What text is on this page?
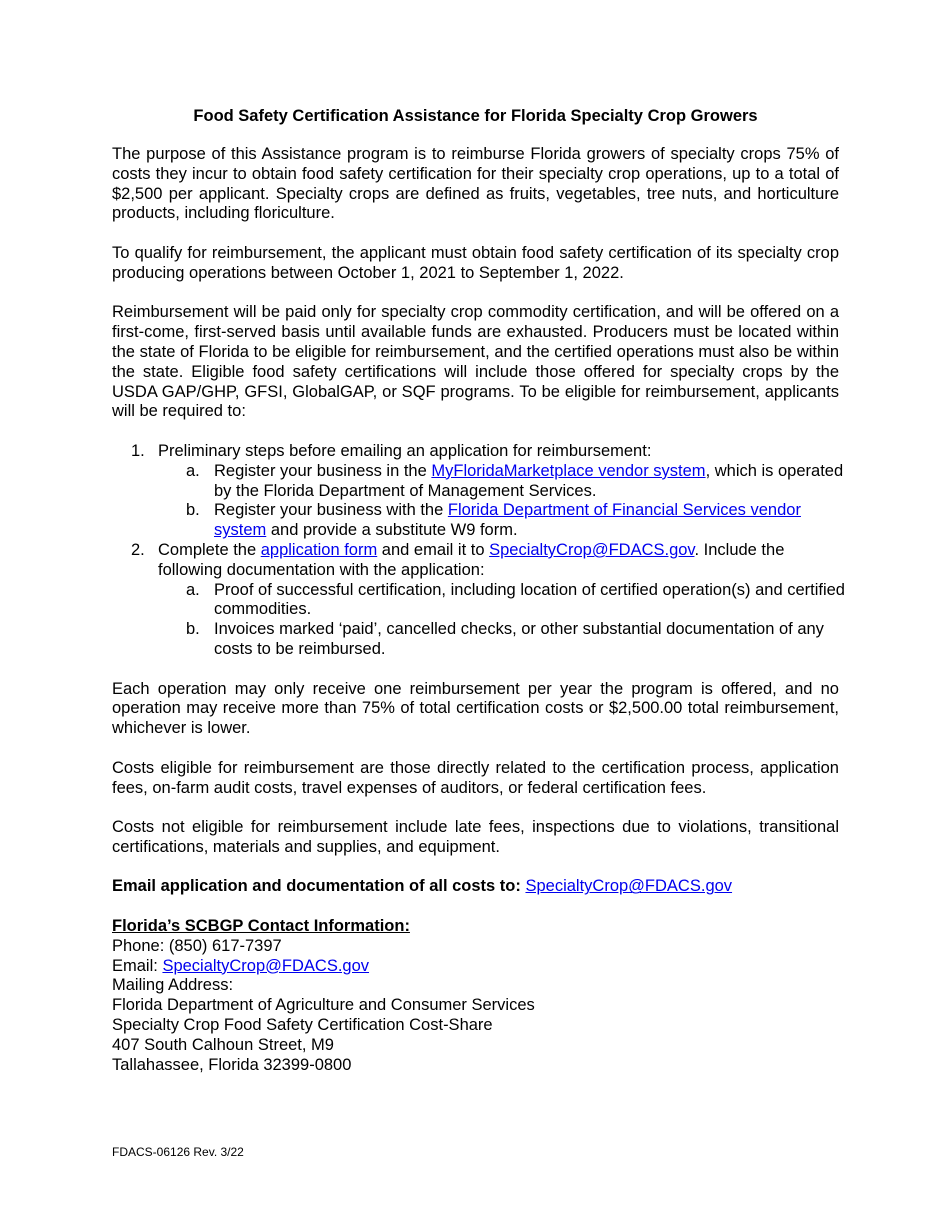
Food Safety Certification Assistance for Florida Specialty Crop Growers

The purpose of this Assistance program is to reimburse Florida growers of specialty crops 75% of costs they incur to obtain food safety certification for their specialty crop operations, up to a total of $2,500 per applicant. Specialty crops are defined as fruits, vegetables, tree nuts, and horticulture products, including floriculture.

To qualify for reimbursement, the applicant must obtain food safety certification of its specialty crop producing operations between October 1, 2021 to September 1, 2022.

Reimbursement will be paid only for specialty crop commodity certification, and will be offered on a first-come, first-served basis until available funds are exhausted. Producers must be located within the state of Florida to be eligible for reimbursement, and the certified operations must also be within the state. Eligible food safety certifications will include those offered for specialty crops by the USDA GAP/GHP, GFSI, GlobalGAP, or SQF programs. To be eligible for reimbursement, applicants will be required to:

1. Preliminary steps before emailing an application for reimbursement:
a. Register your business in the MyFloridaMarketplace vendor system, which is operated by the Florida Department of Management Services.
b. Register your business with the Florida Department of Financial Services vendor system and provide a substitute W9 form.
2. Complete the application form and email it to SpecialtyCrop@FDACS.gov. Include the following documentation with the application:
a. Proof of successful certification, including location of certified operation(s) and certified commodities.
b. Invoices marked ‘paid’, cancelled checks, or other substantial documentation of any costs to be reimbursed.

Each operation may only receive one reimbursement per year the program is offered, and no operation may receive more than 75% of total certification costs or $2,500.00 total reimbursement, whichever is lower.

Costs eligible for reimbursement are those directly related to the certification process, application fees, on-farm audit costs, travel expenses of auditors, or federal certification fees.

Costs not eligible for reimbursement include late fees, inspections due to violations, transitional certifications, materials and supplies, and equipment.

Email application and documentation of all costs to: SpecialtyCrop@FDACS.gov
Florida’s SCBGP Contact Information:
Phone: (850) 617-7397
Email: SpecialtyCrop@FDACS.gov
Mailing Address:
Florida Department of Agriculture and Consumer Services
Specialty Crop Food Safety Certification Cost-Share
407 South Calhoun Street, M9
Tallahassee, Florida 32399-0800
FDACS-06126 Rev. 3/22
